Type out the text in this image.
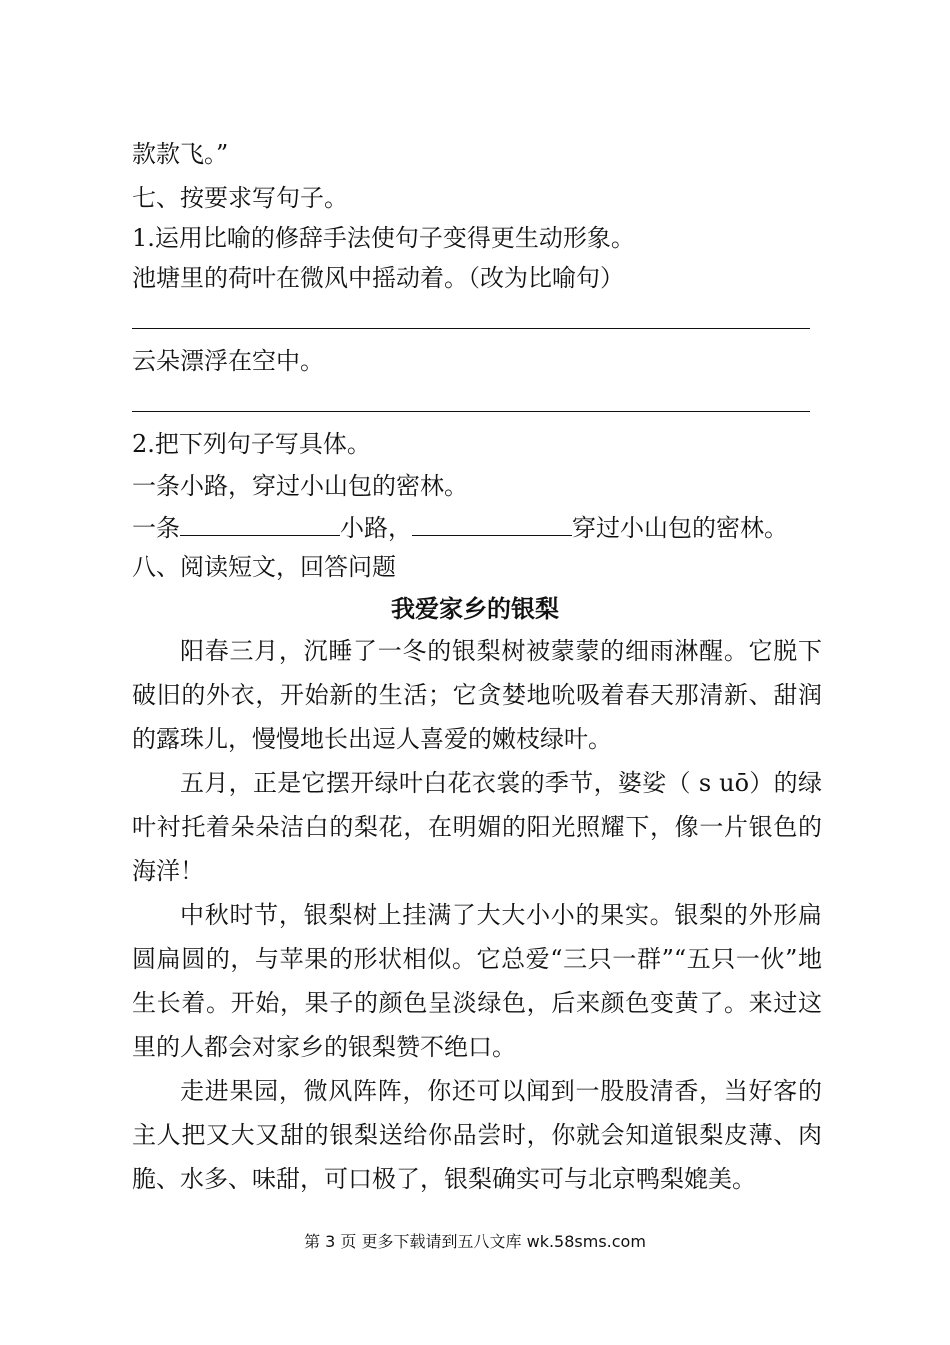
款款飞。”
七、按要求写句子。
1.运用比喻的修辞手法使句子变得更生动形象。
池塘里的荷叶在微风中摇动着。（改为比喻句）
云朵漂浮在空中。
2.把下列句子写具体。
一条小路，穿过小山包的密林。
一条	小路，	穿过小山包的密林。
八、阅读短文，回答问题
我爱家乡的银梨
阳春三月，沉睡了一冬的银梨树被蒙蒙的细雨淋醒。它脱下破旧的外衣，开始新的生活；它贪婪地吮吸着春天那清新、甜润的露珠儿，慢慢地长出逗人喜爱的嫩枝绿叶。
五月，正是它摆开绿叶白花衣裳的季节，婆娑（ s uō）的绿叶衬托着朵朵洁白的梨花，在明媚的阳光照耀下，像一片银色的海洋！
中秋时节，银梨树上挂满了大大小小的果实。银梨的外形扁圆扁圆的，与苹果的形状相似。它总爱“三只一群”“五只一伙”地生长着。开始，果子的颜色呈淡绿色，后来颜色变黄了。来过这里的人都会对家乡的银梨赞不绝口。
走进果园，微风阵阵，你还可以闻到一股股清香，当好客的主人把又大又甜的银梨送给你品尝时，你就会知道银梨皮薄、肉脆、水多、味甜，可口极了，银梨确实可与北京鸭梨媲美。
第 3 页 更多下载请到五八文库 wk.58sms.com
